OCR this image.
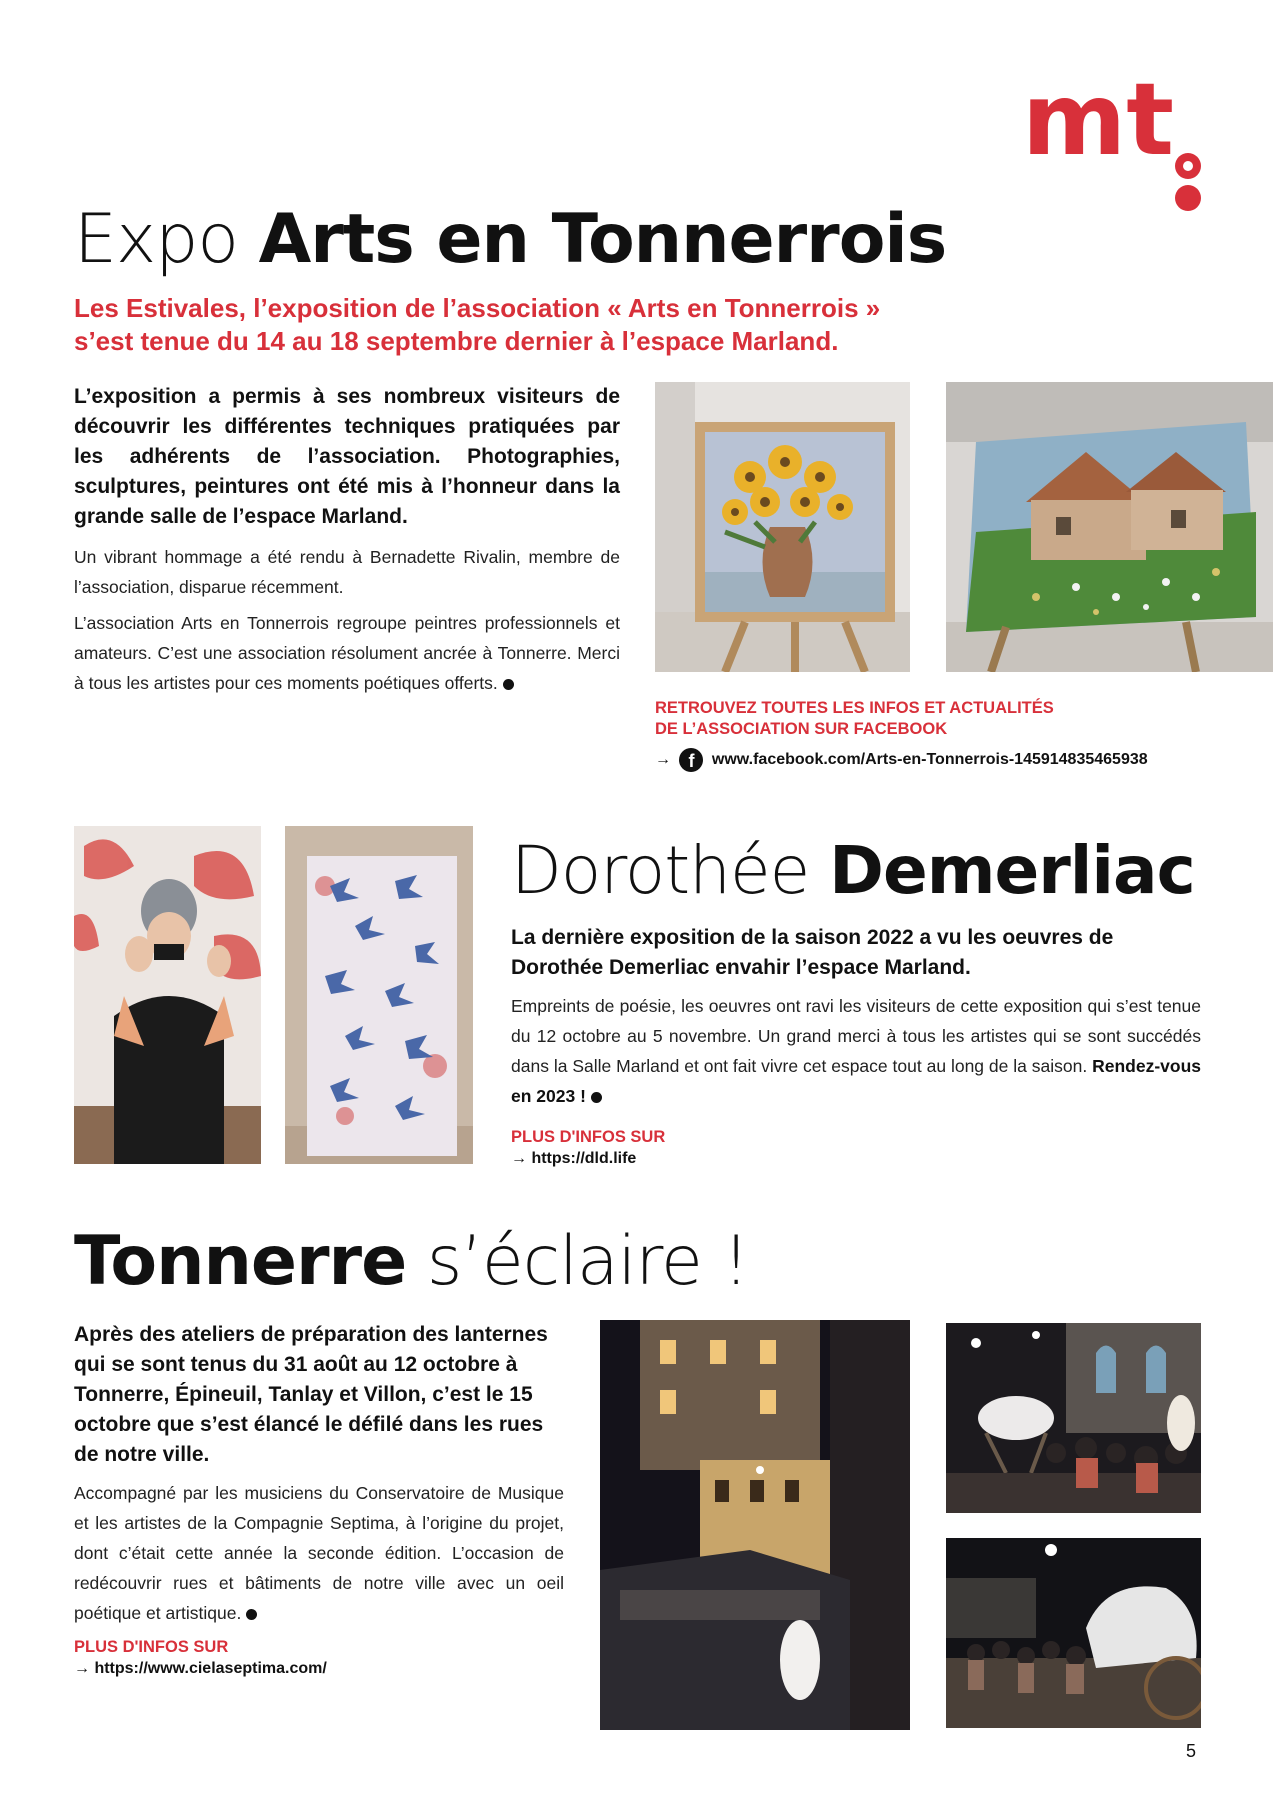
mt
Expo Arts en Tonnerrois
Les Estivales, l’exposition de l’association « Arts en Tonnerrois »
s’est tenue du 14 au 18 septembre dernier à l’espace Marland.
L’exposition a permis à ses nombreux visiteurs de découvrir les différentes techniques pratiquées par les adhérents de l’association. Photographies, sculptures, peintures ont été mis à l’honneur dans la grande salle de l’espace Marland.

Un vibrant hommage a été rendu à Bernadette Rivalin, membre de l’association, disparue récemment.

L’association Arts en Tonnerrois regroupe peintres professionnels et amateurs. C’est une association résolument ancrée à Tonnerre. Merci à tous les artistes pour ces moments poétiques offerts.

RETROUVEZ TOUTES LES INFOS ET ACTUALITÉS
DE L’ASSOCIATION SUR FACEBOOK
→ f www.facebook.com/Arts-en-Tonnerrois-145914835465938
Dorothée Demerliac
La dernière exposition de la saison 2022 a vu les oeuvres de Dorothée Demerliac envahir l’espace Marland.

Empreints de poésie, les oeuvres ont ravi les visiteurs de cette exposition qui s’est tenue du 12 octobre au 5 novembre. Un grand merci à tous les artistes qui se sont succédés dans la Salle Marland et ont fait vivre cet espace tout au long de la saison. Rendez-vous en 2023 !

PLUS D'INFOS SUR
→ https://dld.life
Tonnerre s’éclaire !
Après des ateliers de préparation des lanternes qui se sont tenus du 31 août au 12 octobre à Tonnerre, Épineuil, Tanlay et Villon, c’est le 15 octobre que s’est élancé le défilé dans les rues de notre ville.

Accompagné par les musiciens du Conservatoire de Musique et les artistes de la Compagnie Septima, à l’origine du projet, dont c’était cette année la seconde édition. L’occasion de redécouvrir rues et bâtiments de notre ville avec un oeil poétique et artistique.

PLUS D'INFOS SUR
→ https://www.cielaseptima.com/
5
